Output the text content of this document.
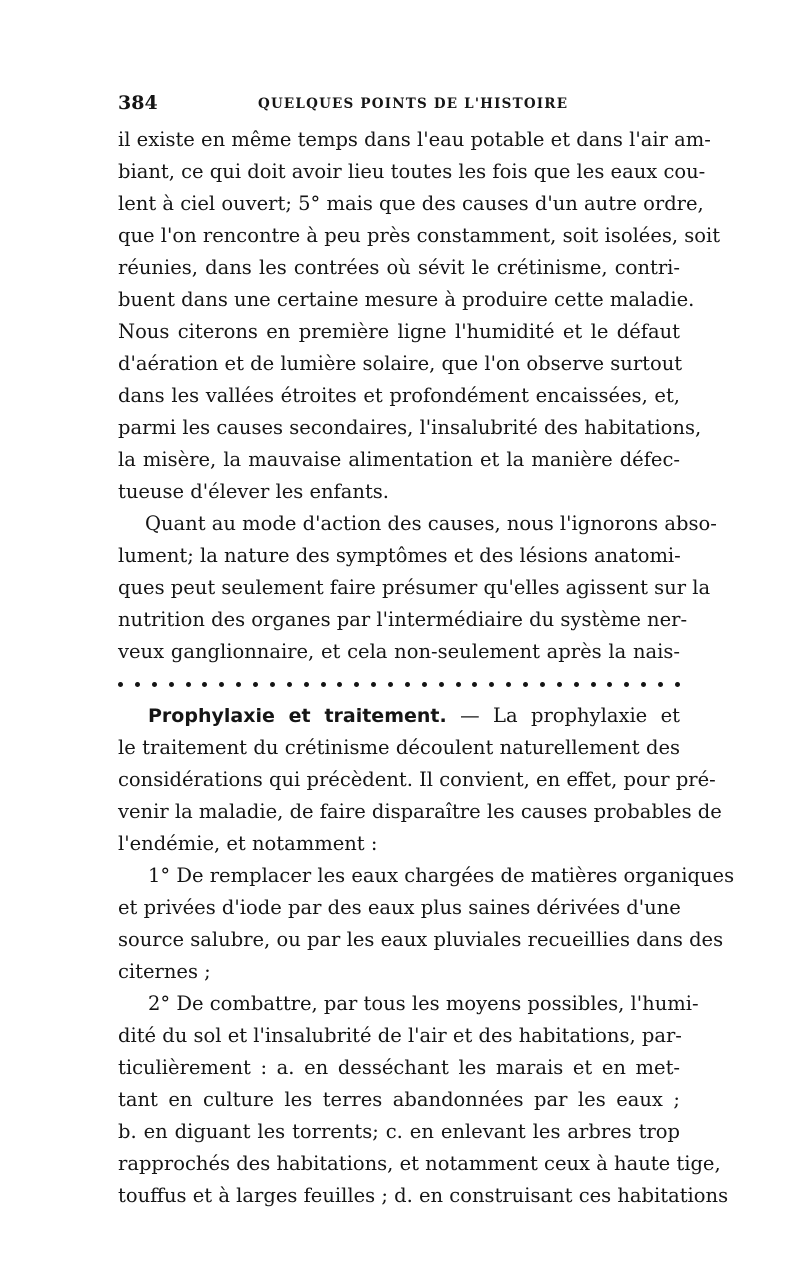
384	QUELQUES POINTS DE L'HISTOIRE
il existe en même temps dans l'eau potable et dans l'air am-
biant, ce qui doit avoir lieu toutes les fois que les eaux cou-
lent à ciel ouvert; 5° mais que des causes d'un autre ordre,
que l'on rencontre à peu près constamment, soit isolées, soit
réunies, dans les contrées où sévit le crétinisme, contri-
buent dans une certaine mesure à produire cette maladie.
Nous citerons en première ligne l'humidité et le défaut
d'aération et de lumière solaire, que l'on observe surtout
dans les vallées étroites et profondément encaissées, et,
parmi les causes secondaires, l'insalubrité des habitations,
la misère, la mauvaise alimentation et la manière défec-
tueuse d'élever les enfants.
Quant au mode d'action des causes, nous l'ignorons abso-
lument; la nature des symptômes et des lésions anatomi-
ques peut seulement faire présumer qu'elles agissent sur la
nutrition des organes par l'intermédiaire du système ner-
veux ganglionnaire, et cela non-seulement après la nais-
Prophylaxie et traitement. — La prophylaxie et
le traitement du crétinisme découlent naturellement des
considérations qui précèdent. Il convient, en effet, pour pré-
venir la maladie, de faire disparaître les causes probables de
l'endémie, et notamment :
1° De remplacer les eaux chargées de matières organiques
et privées d'iode par des eaux plus saines dérivées d'une
source salubre, ou par les eaux pluviales recueillies dans des
citernes ;
2° De combattre, par tous les moyens possibles, l'humi-
dité du sol et l'insalubrité de l'air et des habitations, par-
ticulièrement : a. en desséchant les marais et en met-
tant en culture les terres abandonnées par les eaux ;
b. en diguant les torrents; c. en enlevant les arbres trop
rapprochés des habitations, et notamment ceux à haute tige,
touffus et à larges feuilles ; d. en construisant ces habitations
